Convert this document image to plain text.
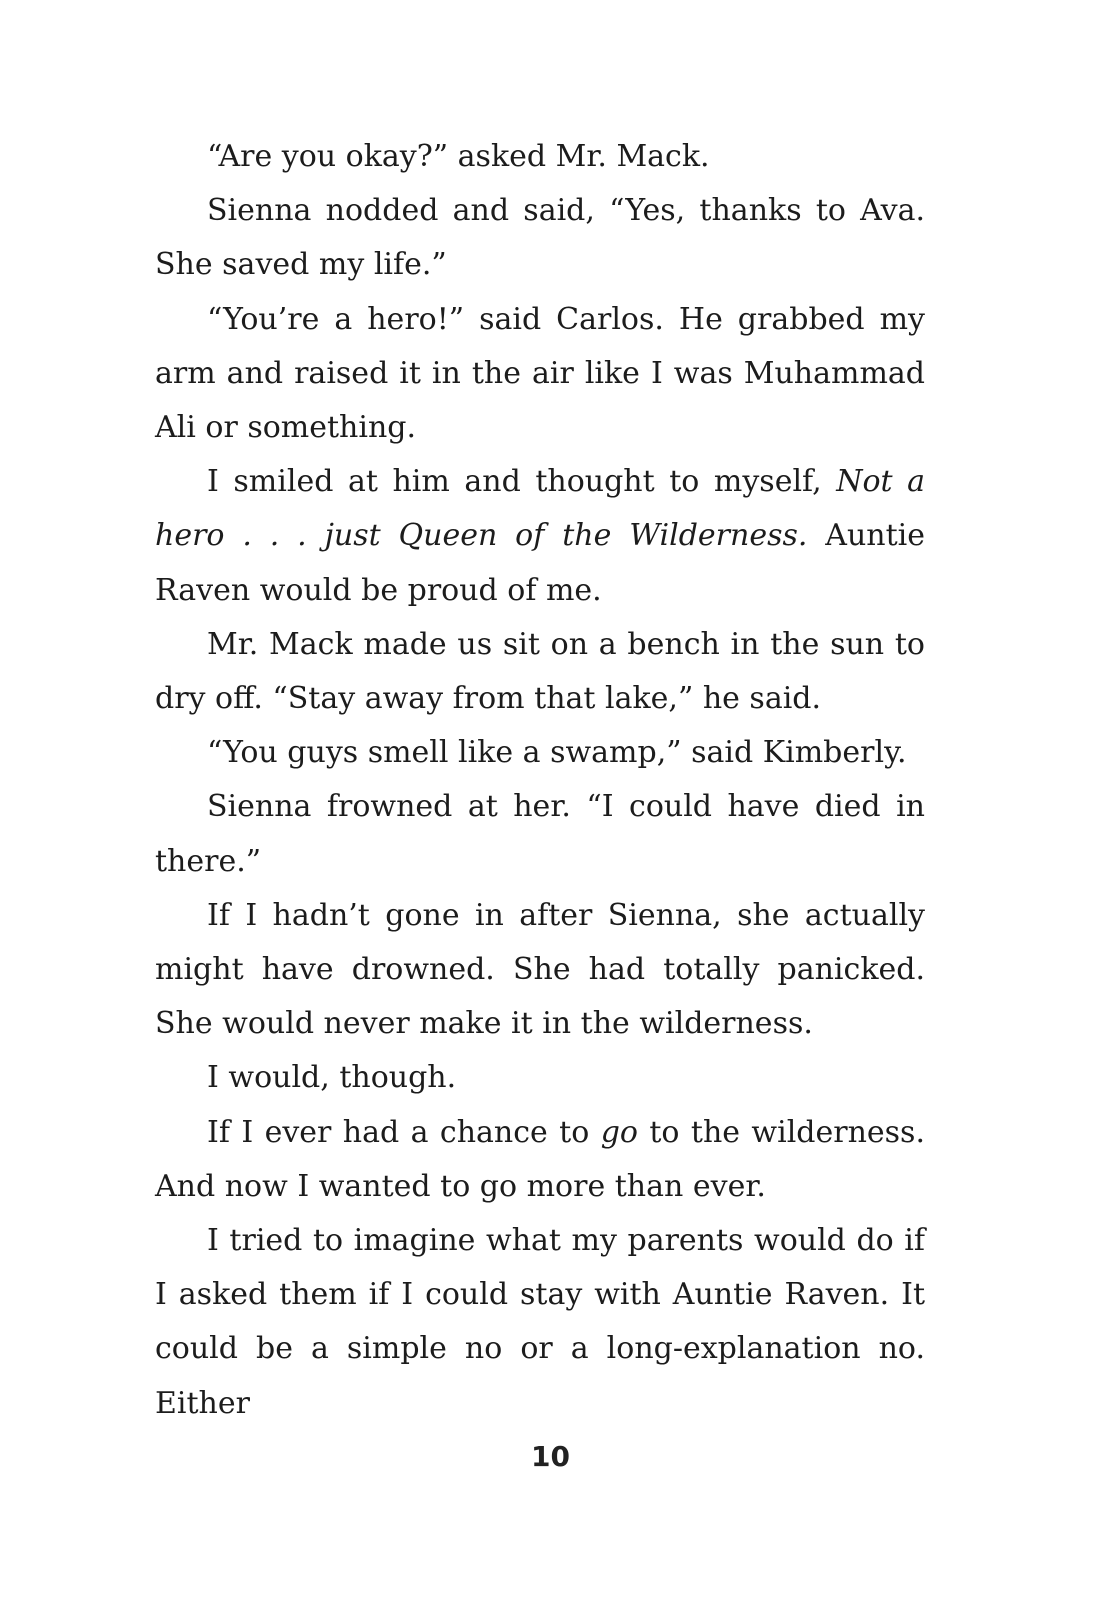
“Are you okay?” asked Mr. Mack.

Sienna nodded and said, “Yes, thanks to Ava. She saved my life.”

“You’re a hero!” said Carlos. He grabbed my arm and raised it in the air like I was Muhammad Ali or something.

I smiled at him and thought to myself, Not a hero . . . just Queen of the Wilderness. Auntie Raven would be proud of me.

Mr. Mack made us sit on a bench in the sun to dry off. “Stay away from that lake,” he said.

“You guys smell like a swamp,” said Kimberly.

Sienna frowned at her. “I could have died in there.”

If I hadn’t gone in after Sienna, she actually might have drowned. She had totally panicked. She would never make it in the wilderness.

I would, though.

If I ever had a chance to go to the wilderness. And now I wanted to go more than ever.

I tried to imagine what my parents would do if I asked them if I could stay with Auntie Raven. It could be a simple no or a long-explanation no. Either

10
